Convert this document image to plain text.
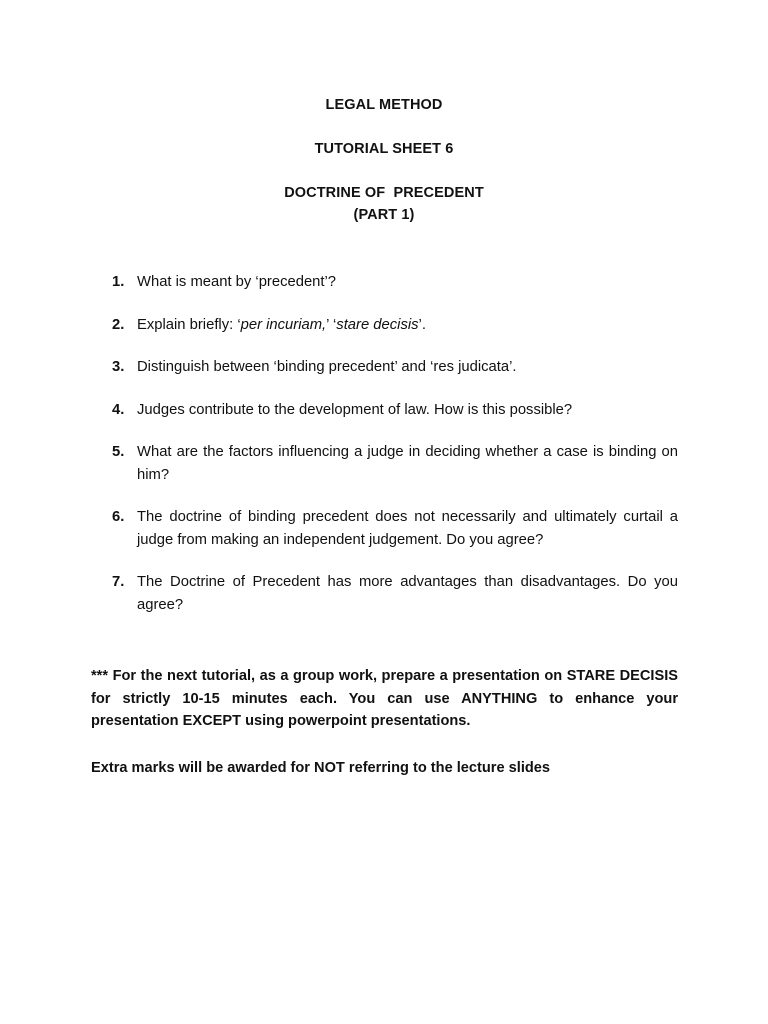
LEGAL METHOD
TUTORIAL SHEET 6
DOCTRINE OF  PRECEDENT
(PART 1)
1. What is meant by ‘precedent’?
2. Explain briefly: ‘per incuriam,’ ‘stare decisis’.
3. Distinguish between ‘binding precedent’ and ‘res judicata’.
4. Judges contribute to the development of law. How is this possible?
5. What are the factors influencing a judge in deciding whether a case is binding on him?
6. The doctrine of binding precedent does not necessarily and ultimately curtail a judge from making an independent judgement. Do you agree?
7. The Doctrine of Precedent has more advantages than disadvantages. Do you agree?

*** For the next tutorial, as a group work, prepare a presentation on STARE DECISIS for strictly 10-15 minutes each. You can use ANYTHING to enhance your presentation EXCEPT using powerpoint presentations.

Extra marks will be awarded for NOT referring to the lecture slides
